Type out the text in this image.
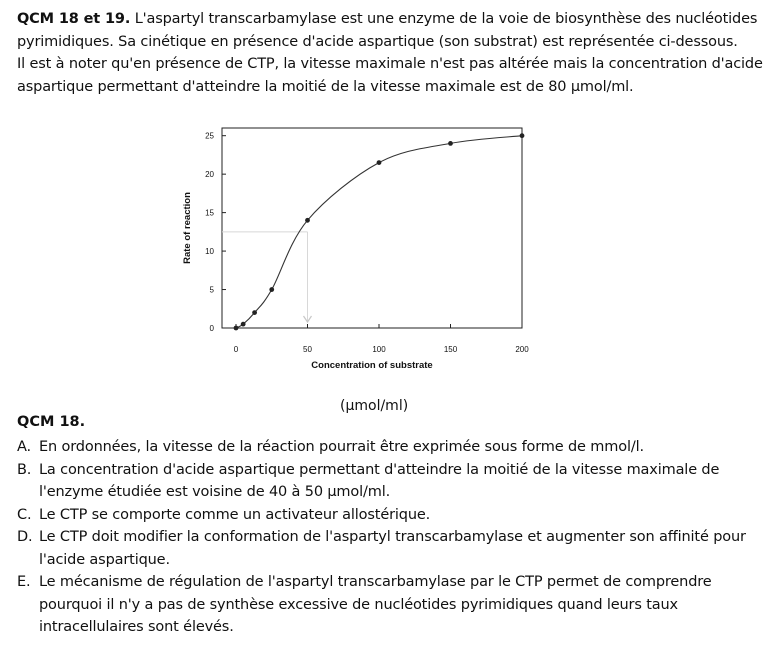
QCM 18 et 19. L'aspartyl transcarbamylase est une enzyme de la voie de biosynthèse des nucléotides

pyrimidiques. Sa cinétique en présence d'acide aspartique (son substrat) est représentée ci-dessous.

Il est à noter qu'en présence de CTP, la vitesse maximale n'est pas altérée mais la concentration d'acide

aspartique permettant d'atteindre la moitié de la vitesse maximale est de 80 µmol/ml.

0
5
10
15
20
25
0	50	100	150	200
Rate of reaction
Concentration of substrate
(µmol/ml)
QCM 18.
A. En ordonnées, la vitesse de la réaction pourrait être exprimée sous forme de mmol/l.
B. La concentration d'acide aspartique permettant d'atteindre la moitié de la vitesse maximale de l'enzyme étudiée est voisine de 40 à 50 µmol/ml.
C. Le CTP se comporte comme un activateur allostérique.
D. Le CTP doit modifier la conformation de l'aspartyl transcarbamylase et augmenter son affinité pour l'acide aspartique.
E. Le mécanisme de régulation de l'aspartyl transcarbamylase par le CTP permet de comprendre pourquoi il n'y a pas de synthèse excessive de nucléotides pyrimidiques quand leurs taux intracellulaires sont élevés.
